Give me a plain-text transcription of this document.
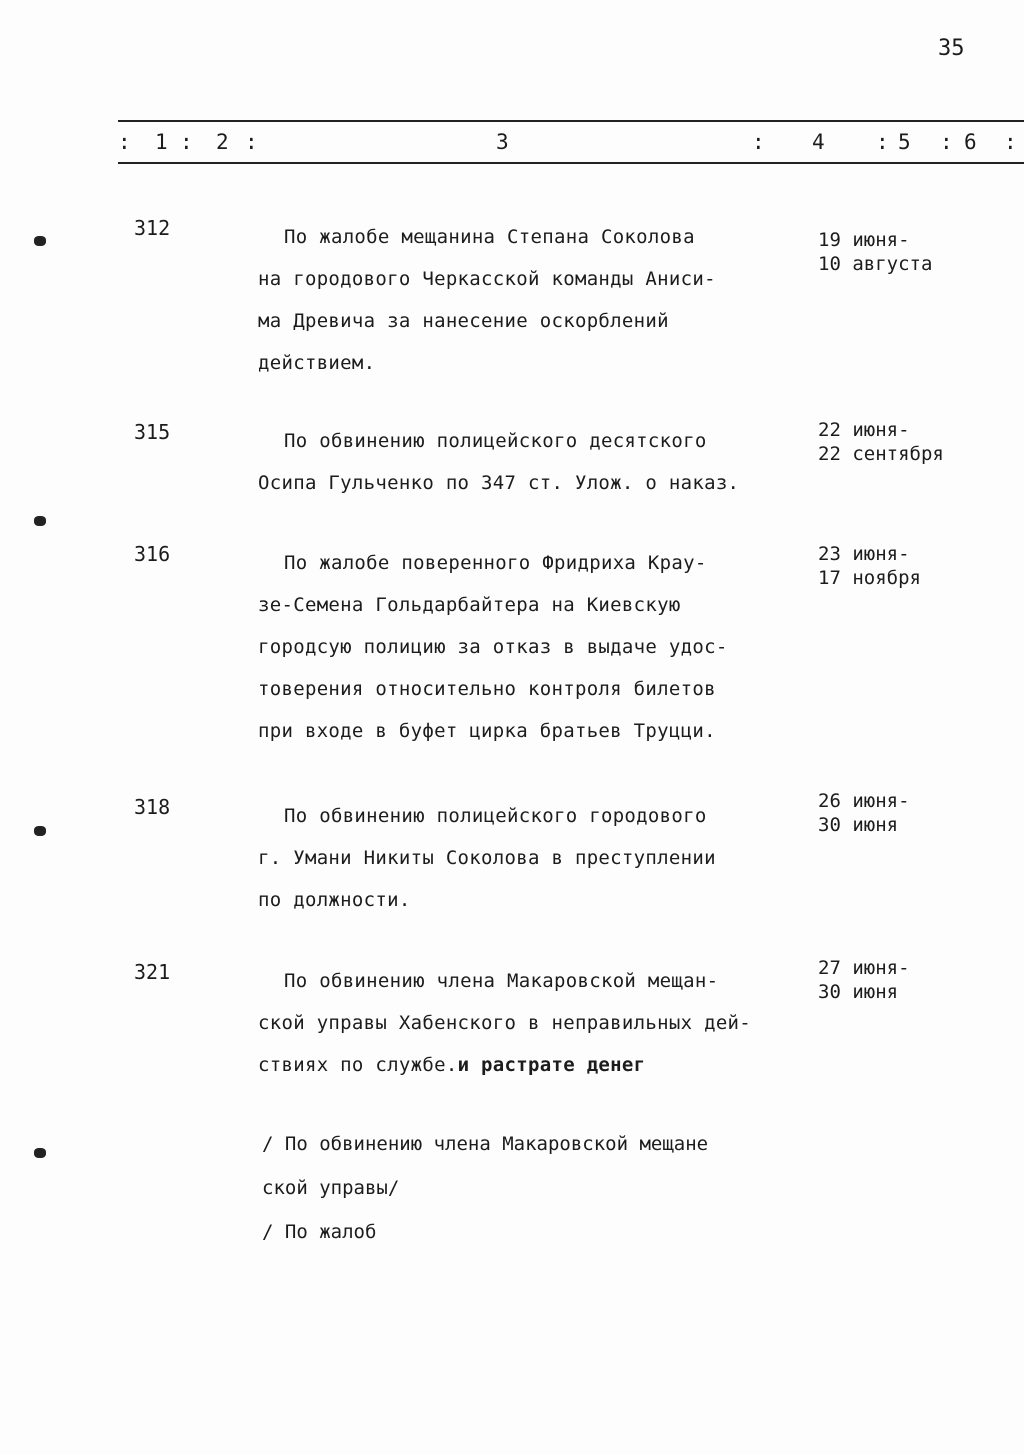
35
: 1 : 2 :	3	: 4 : 5 : 6 :
312	По жалобе мещанина Степана Соколова
на городового Черкасской команды Аниси-
ма Древича за нанесение оскорблений
действием.
19 июня-
10 августа
315	По обвинению полицейского десятского
Осипа Гульченко по 347 ст. Улож. о наказ.
22 июня-
22 сентября
316	По жалобе поверенного Фридриха Крау-
зе-Семена Гольдарбайтера на Киевскую
городсую полицию за отказ в выдаче удос-
товерения относительно контроля билетов
при входе в буфет цирка братьев Труцци.
23 июня-
17 ноября
318	По обвинению полицейского городового
г. Умани Никиты Соколова в преступлении
по должности.
26 июня-
30 июня
321	По обвинению члена Макаровской мещан-
ской управы Хабенского в неправильных дей-
ствиях по службе.и растрате денег
27 июня-
30 июня
/ По обвинению члена Макаровской мещане
ской управы/
/ По жалоб
